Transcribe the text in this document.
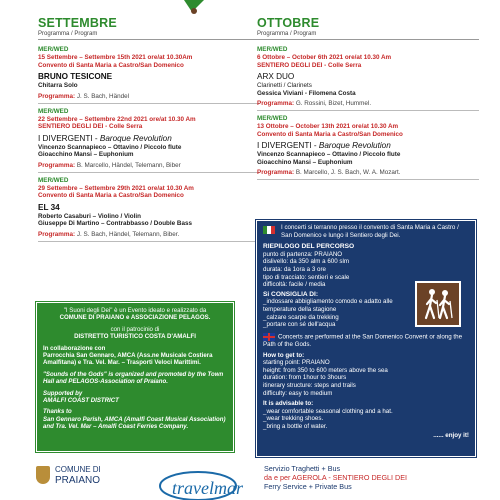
SETTEMBRE
Programma / Program
MER/WED
15 Settembre – Settembre 15th 2021 ore/at 10.30Am
Convento di Santa Maria a Castro/San Domenico
BRUNO TESICONE
Chitarra Solo
Programma: J. S. Bach, Händel
MER/WED
22 Settembre – Settembre 22nd 2021 ore/at 10.30 Am
SENTIERO DEGLI DEI - Colle Serra
I DIVERGENTI - Baroque Revolution
Vincenzo Scannapieco – Ottavino / Piccolo flute
Gioacchino Mansi – Euphonium
Programma: B. Marcello, Händel, Telemann, Biber
MER/WED
29 Settembre – Settembre 29th 2021 ore/at 10.30 Am
Convento di Santa Maria a Castro/San Domenico
EL 34
Roberto Casaburi – Violino / Violin
Giuseppe Di Martino – Contrabbasso / Double Bass
Programma: J. S. Bach, Händel, Telemann, Biber.
OTTOBRE
Programma / Program
MER/WED
6 Ottobre – October 6th 2021 ore/at 10.30 Am
SENTIERO DEGLI DEI - Colle Serra
ARX DUO
Clarinetti / Clarinets
Gessica Viviani - Filomena Costa
Programma: G. Rossini, Bizet, Hummel.
MER/WED
13 Ottobre – October 13th 2021 ore/at 10.30 Am
Convento di Santa Maria a Castro/San Domenico
I DIVERGENTI - Baroque Revolution
Vincenzo Scannapieco – Ottavino / Piccolo flute
Gioacchino Mansi – Euphonium
Programma: B. Marcello, J. S. Bach, W. A. Mozart.

"I Suoni degli Dei" è un Evento ideato e realizzato da
COMUNE DI PRAIANO e ASSOCIAZIONE PELAGOS.

con il patrocinio di
DISTRETTO TURISTICO COSTA D'AMALFI

In collaborazione con
Parrocchia San Gennaro, AMCA (Ass.ne Musicale Costiera Amalfitana) e Tra. Vel. Mar. – Trasporti Veloci Marittimi.

"Sounds of the Gods" is organized and promoted by the Town Hall and PELAGOS-Association of Praiano.

Supported by
AMALFI COAST DISTRICT

Thanks to
San Gennaro Parish, AMCA (Amalfi Coast Musical Association) and Tra. Vel. Mar – Amalfi Coast Ferries Company.

I concerti si terranno presso il convento di Santa Maria a Castro / San Domenico e lungo il Sentiero degli Dei.
RIEPILOGO DEL PERCORSO
punto di partenza: PRAIANO
dislivello: da 350 alm a 600 slm
durata: da 1ora a 3 ore
tipo di tracciato: sentieri e scale
difficoltà: facile / media
Si CONSIGLIA DI:
_indossare abbigliamento comodo e adatto alle temperature della stagione
_calzare scarpe da trekking
_portare con sé dell'acqua
Concerts are performed at the San Domenico Convent or along the Path of the Gods.
How to get to:
starting point: PRAIANO
height: from 350 to 600 meters above the sea
duration: from 1hour to 3hours
itinerary structure: steps and trails
difficulty: easy to medium
It is advisable to:
_wear comfortable seasonal clothing and a hat.
_wear trekking shoes.
_bring a bottle of water.
...... enjoy it!
COMUNE DI
PRAIANO	travelmar
Servizio Traghetti + Bus
da e per AGEROLA - SENTIERO DEGLI DEI
Ferry Service + Private Bus
